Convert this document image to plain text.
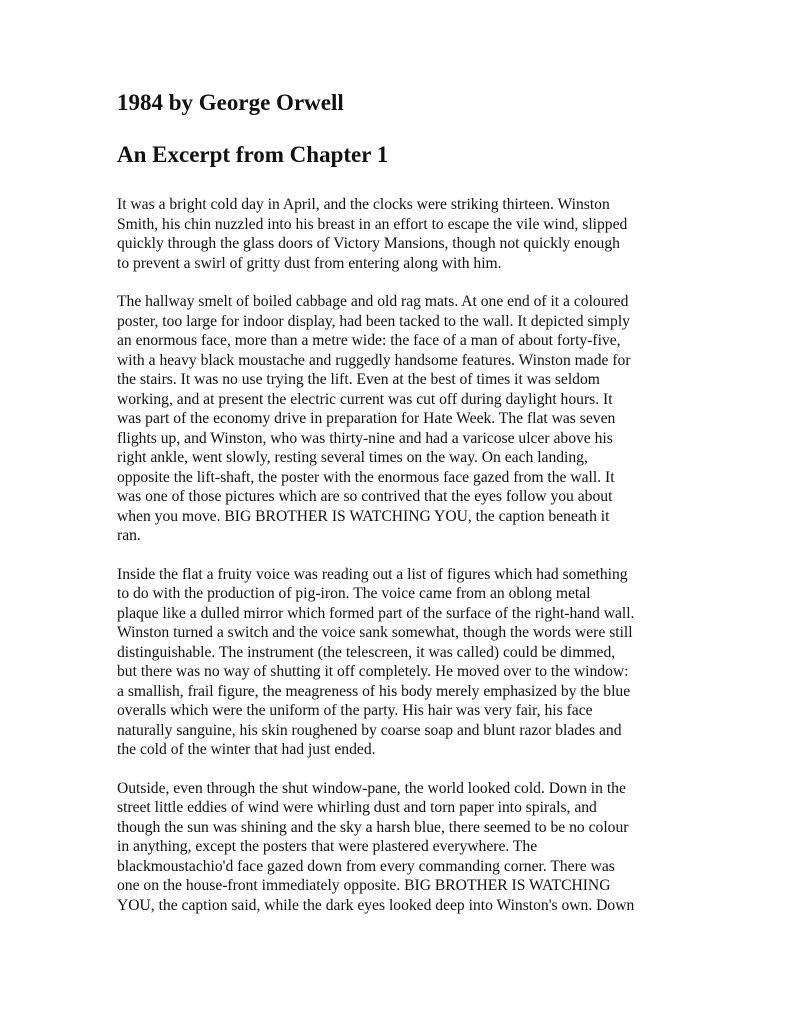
1984 by George Orwell
An Excerpt from Chapter 1

It was a bright cold day in April, and the clocks were striking thirteen. Winston
Smith, his chin nuzzled into his breast in an effort to escape the vile wind, slipped
quickly through the glass doors of Victory Mansions, though not quickly enough
to prevent a swirl of gritty dust from entering along with him.

The hallway smelt of boiled cabbage and old rag mats. At one end of it a coloured
poster, too large for indoor display, had been tacked to the wall. It depicted simply
an enormous face, more than a metre wide: the face of a man of about forty-five,
with a heavy black moustache and ruggedly handsome features. Winston made for
the stairs. It was no use trying the lift. Even at the best of times it was seldom
working, and at present the electric current was cut off during daylight hours. It
was part of the economy drive in preparation for Hate Week. The flat was seven
flights up, and Winston, who was thirty-nine and had a varicose ulcer above his
right ankle, went slowly, resting several times on the way. On each landing,
opposite the lift-shaft, the poster with the enormous face gazed from the wall. It
was one of those pictures which are so contrived that the eyes follow you about
when you move. BIG BROTHER IS WATCHING YOU, the caption beneath it
ran.

Inside the flat a fruity voice was reading out a list of figures which had something
to do with the production of pig-iron. The voice came from an oblong metal
plaque like a dulled mirror which formed part of the surface of the right-hand wall.
Winston turned a switch and the voice sank somewhat, though the words were still
distinguishable. The instrument (the telescreen, it was called) could be dimmed,
but there was no way of shutting it off completely. He moved over to the window:
a smallish, frail figure, the meagreness of his body merely emphasized by the blue
overalls which were the uniform of the party. His hair was very fair, his face
naturally sanguine, his skin roughened by coarse soap and blunt razor blades and
the cold of the winter that had just ended.

Outside, even through the shut window-pane, the world looked cold. Down in the
street little eddies of wind were whirling dust and torn paper into spirals, and
though the sun was shining and the sky a harsh blue, there seemed to be no colour
in anything, except the posters that were plastered everywhere. The
blackmoustachio'd face gazed down from every commanding corner. There was
one on the house-front immediately opposite. BIG BROTHER IS WATCHING
YOU, the caption said, while the dark eyes looked deep into Winston's own. Down
